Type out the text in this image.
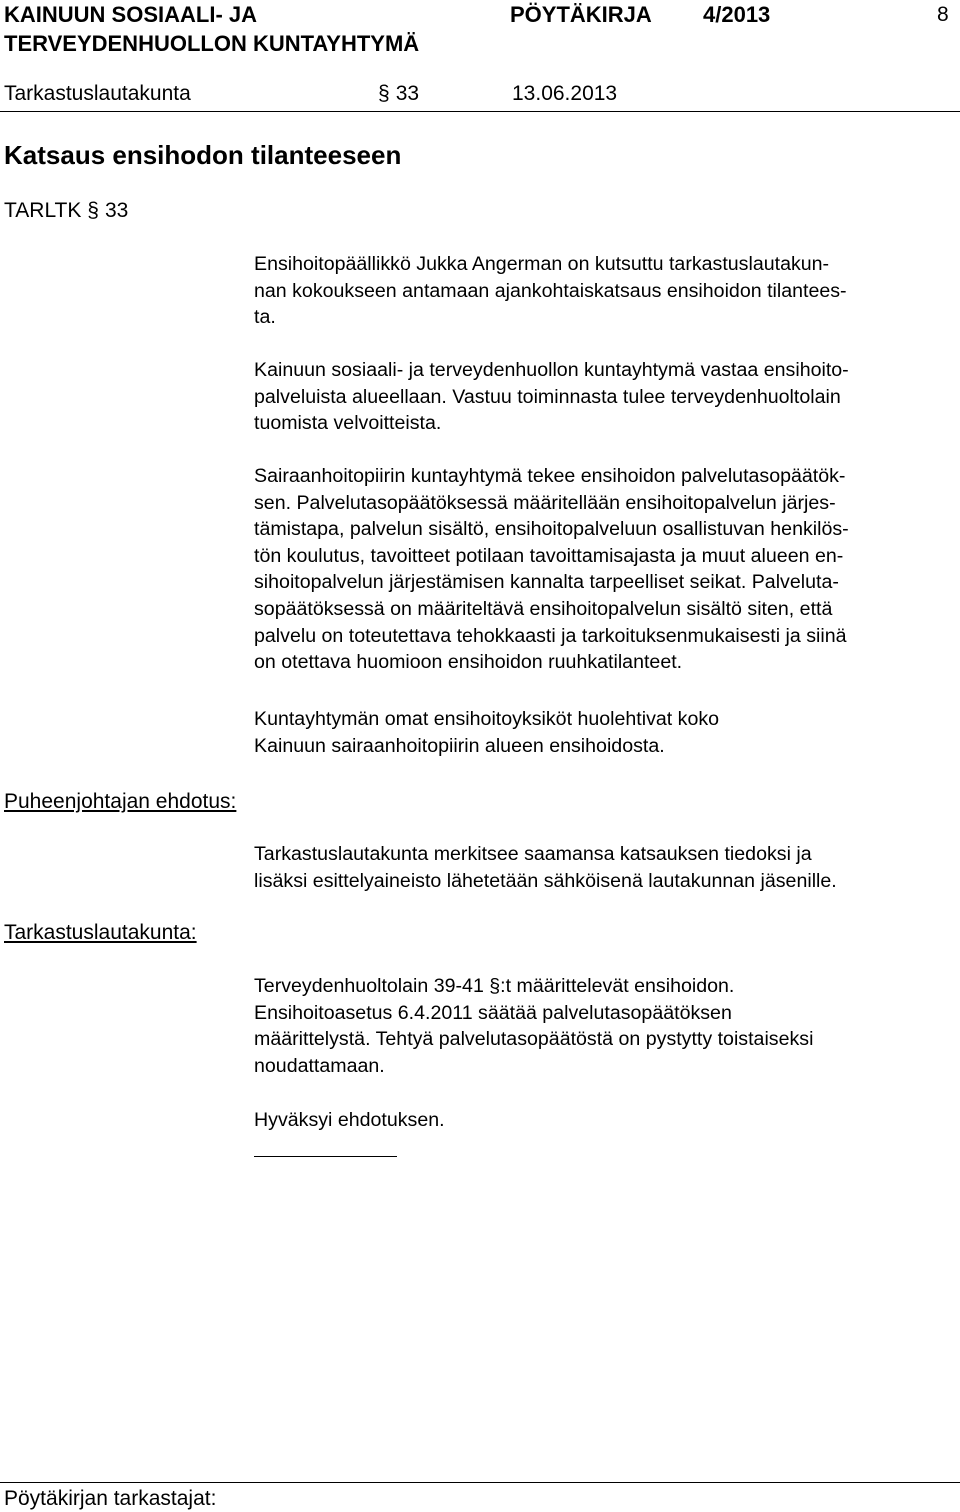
KAINUUN SOSIAALI- JA
TERVEYDENHUOLLON KUNTAYHTYMÄ
PÖYTÄKIRJA 4/2013	8
Tarkastuslautakunta	§ 33	13.06.2013
Katsaus ensihodon tilanteeseen
TARLTK § 33
Ensihoitopäällikkö Jukka Angerman on kutsuttu tarkastuslautakun-
nan kokoukseen antamaan ajankohtaiskatsaus ensihoidon tilantees-
ta.
Kainuun sosiaali- ja terveydenhuollon kuntayhtymä vastaa ensihoito-
palveluista alueellaan. Vastuu toiminnasta tulee terveydenhuoltolain
tuomista velvoitteista.
Sairaanhoitopiirin kuntayhtymä tekee ensihoidon palvelutasopäätök-
sen. Palvelutasopäätöksessä määritellään ensihoitopalvelun järjes-
tämistapa, palvelun sisältö, ensihoitopalveluun osallistuvan henkilös-
tön koulutus, tavoitteet potilaan tavoittamisajasta ja muut alueen en-
sihoitopalvelun järjestämisen kannalta tarpeelliset seikat. Palveluta-
sopäätöksessä on määriteltävä ensihoitopalvelun sisältö siten, että
palvelu on toteutettava tehokkaasti ja tarkoituksenmukaisesti ja siinä
on otettava huomioon ensihoidon ruuhkatilanteet.
Kuntayhtymän omat ensihoitoyksiköt huolehtivat koko
Kainuun sairaanhoitopiirin alueen ensihoidosta.
Puheenjohtajan ehdotus:
Tarkastuslautakunta merkitsee saamansa katsauksen tiedoksi ja
lisäksi esittelyaineisto lähetetään sähköisenä lautakunnan jäsenille.
Tarkastuslautakunta:
Terveydenhuoltolain 39-41 §:t määrittelevät ensihoidon.
Ensihoitoasetus 6.4.2011 säätää palvelutasopäätöksen
määrittelystä. Tehtyä palvelutasopäätöstä on pystytty toistaiseksi
noudattamaan.
Hyväksyi ehdotuksen.
Pöytäkirjan tarkastajat:
